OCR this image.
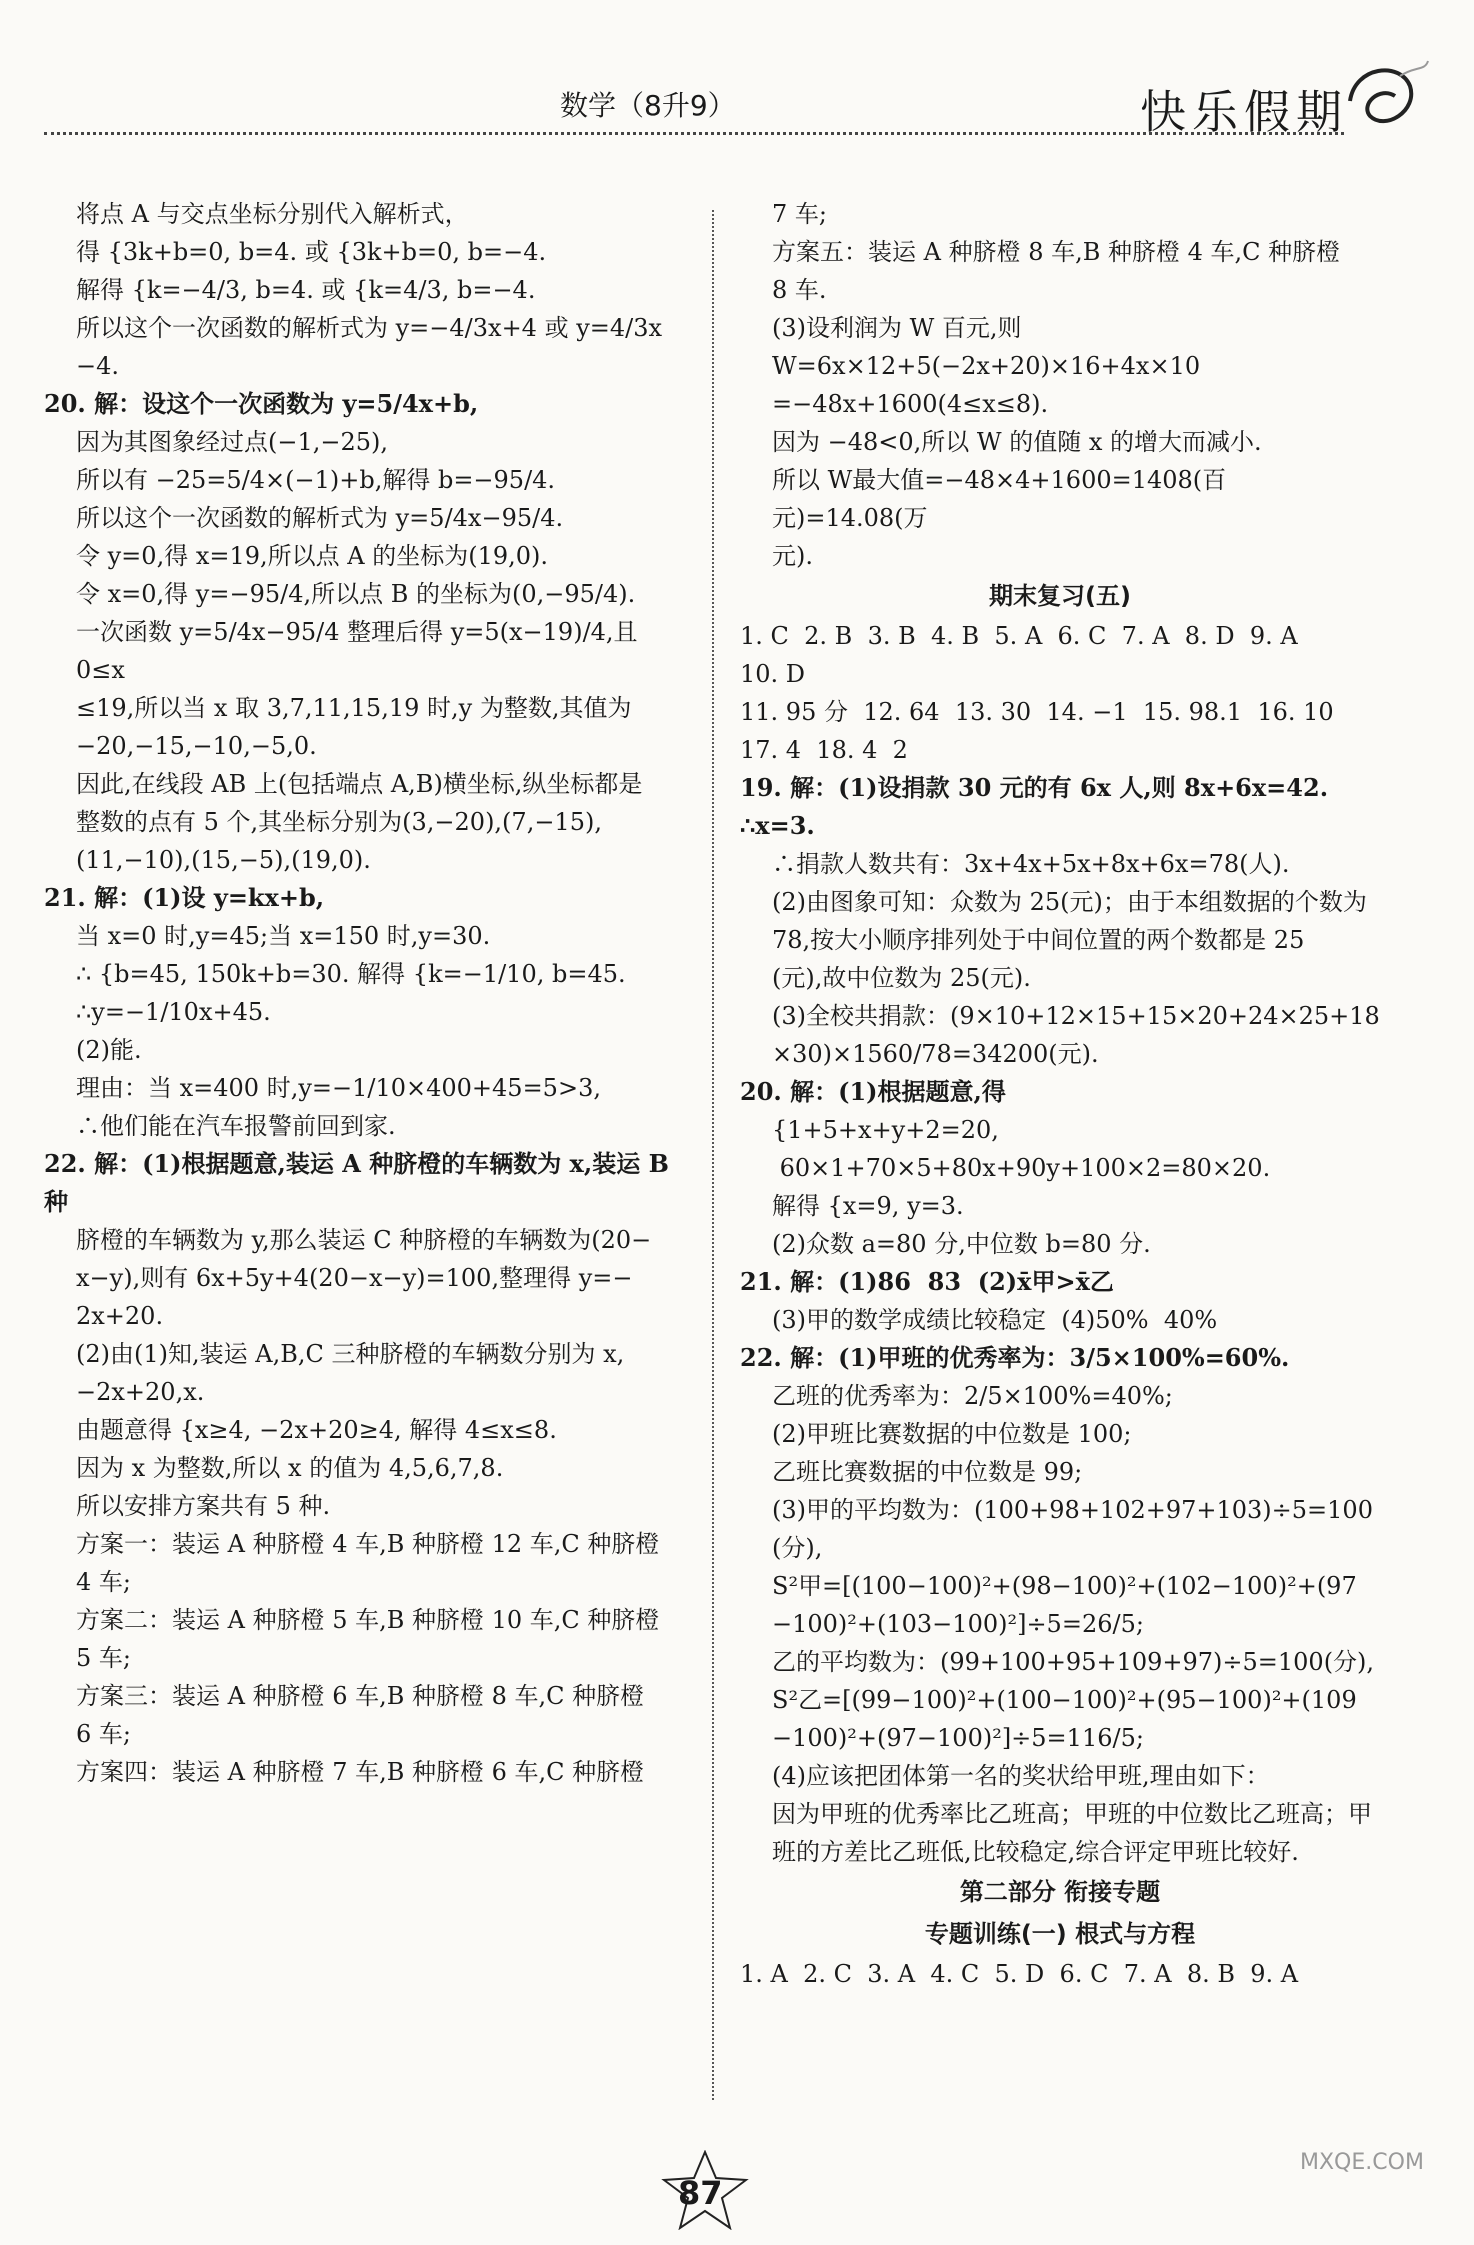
数学（8升9）	快乐假期
将点 A 与交点坐标分别代入解析式，
得 {3k+b=0, b=4. 或 {3k+b=0, b=−4.
解得 {k=−4/3, b=4. 或 {k=4/3, b=−4.
所以这个一次函数的解析式为 y=−4/3x+4 或 y=4/3x
−4.
20. 解：设这个一次函数为 y=5/4x+b,
因为其图象经过点(−1,−25),
所以有 −25=5/4×(−1)+b,解得 b=−95/4.
所以这个一次函数的解析式为 y=5/4x−95/4.
令 y=0,得 x=19,所以点 A 的坐标为(19,0).
令 x=0,得 y=−95/4,所以点 B 的坐标为(0,−95/4).
一次函数 y=5/4x−95/4 整理后得 y=5(x−19)/4,且 0≤x
≤19,所以当 x 取 3,7,11,15,19 时,y 为整数,其值为
−20,−15,−10,−5,0.
因此,在线段 AB 上(包括端点 A,B)横坐标,纵坐标都是
整数的点有 5 个,其坐标分别为(3,−20),(7,−15),
(11,−10),(15,−5),(19,0).
21. 解：(1)设 y=kx+b,
当 x=0 时,y=45;当 x=150 时,y=30.
∴ {b=45, 150k+b=30. 解得 {k=−1/10, b=45. ∴y=−1/10x+45.
(2)能.
理由：当 x=400 时,y=−1/10×400+45=5>3,
∴他们能在汽车报警前回到家.
22. 解：(1)根据题意,装运 A 种脐橙的车辆数为 x,装运 B 种
脐橙的车辆数为 y,那么装运 C 种脐橙的车辆数为(20−
x−y),则有 6x+5y+4(20−x−y)=100,整理得 y=−
2x+20.
(2)由(1)知,装运 A,B,C 三种脐橙的车辆数分别为 x,
−2x+20,x.
由题意得 {x≥4, −2x+20≥4, 解得 4≤x≤8.
因为 x 为整数,所以 x 的值为 4,5,6,7,8.
所以安排方案共有 5 种.
方案一：装运 A 种脐橙 4 车,B 种脐橙 12 车,C 种脐橙
4 车;
方案二：装运 A 种脐橙 5 车,B 种脐橙 10 车,C 种脐橙
5 车;
方案三：装运 A 种脐橙 6 车,B 种脐橙 8 车,C 种脐橙
6 车;
方案四：装运 A 种脐橙 7 车,B 种脐橙 6 车,C 种脐橙
7 车;
方案五：装运 A 种脐橙 8 车,B 种脐橙 4 车,C 种脐橙
8 车.
(3)设利润为 W 百元,则
W=6x×12+5(−2x+20)×16+4x×10
=−48x+1600(4≤x≤8).
因为 −48<0,所以 W 的值随 x 的增大而减小.
所以 W最大值=−48×4+1600=1408(百元)=14.08(万
元).
期末复习(五)
1. C  2. B  3. B  4. B  5. A  6. C  7. A  8. D  9. A
10. D
11. 95 分  12. 64  13. 30  14. −1  15. 98.1  16. 10
17. 4  18. 4  2
19. 解：(1)设捐款 30 元的有 6x 人,则 8x+6x=42. ∴x=3.
∴捐款人数共有：3x+4x+5x+8x+6x=78(人).
(2)由图象可知：众数为 25(元)；由于本组数据的个数为
78,按大小顺序排列处于中间位置的两个数都是 25
(元),故中位数为 25(元).
(3)全校共捐款：(9×10+12×15+15×20+24×25+18
×30)×1560/78=34200(元).
20. 解：(1)根据题意,得
{1+5+x+y+2=20,
60×1+70×5+80x+90y+100×2=80×20.
解得 {x=9, y=3.
(2)众数 a=80 分,中位数 b=80 分.
21. 解：(1)86  83  (2)x̄甲>x̄乙
(3)甲的数学成绩比较稳定  (4)50%  40%
22. 解：(1)甲班的优秀率为：3/5×100%=60%.
乙班的优秀率为：2/5×100%=40%;
(2)甲班比赛数据的中位数是 100;
乙班比赛数据的中位数是 99;
(3)甲的平均数为：(100+98+102+97+103)÷5=100
(分),
S²甲=[(100−100)²+(98−100)²+(102−100)²+(97
−100)²+(103−100)²]÷5=26/5;
乙的平均数为：(99+100+95+109+97)÷5=100(分),
S²乙=[(99−100)²+(100−100)²+(95−100)²+(109
−100)²+(97−100)²]÷5=116/5;
(4)应该把团体第一名的奖状给甲班,理由如下：
因为甲班的优秀率比乙班高；甲班的中位数比乙班高；甲
班的方差比乙班低,比较稳定,综合评定甲班比较好.
第二部分 衔接专题
专题训练(一) 根式与方程
1. A  2. C  3. A  4. C  5. D  6. C  7. A  8. B  9. A
87
MXQE.COM
